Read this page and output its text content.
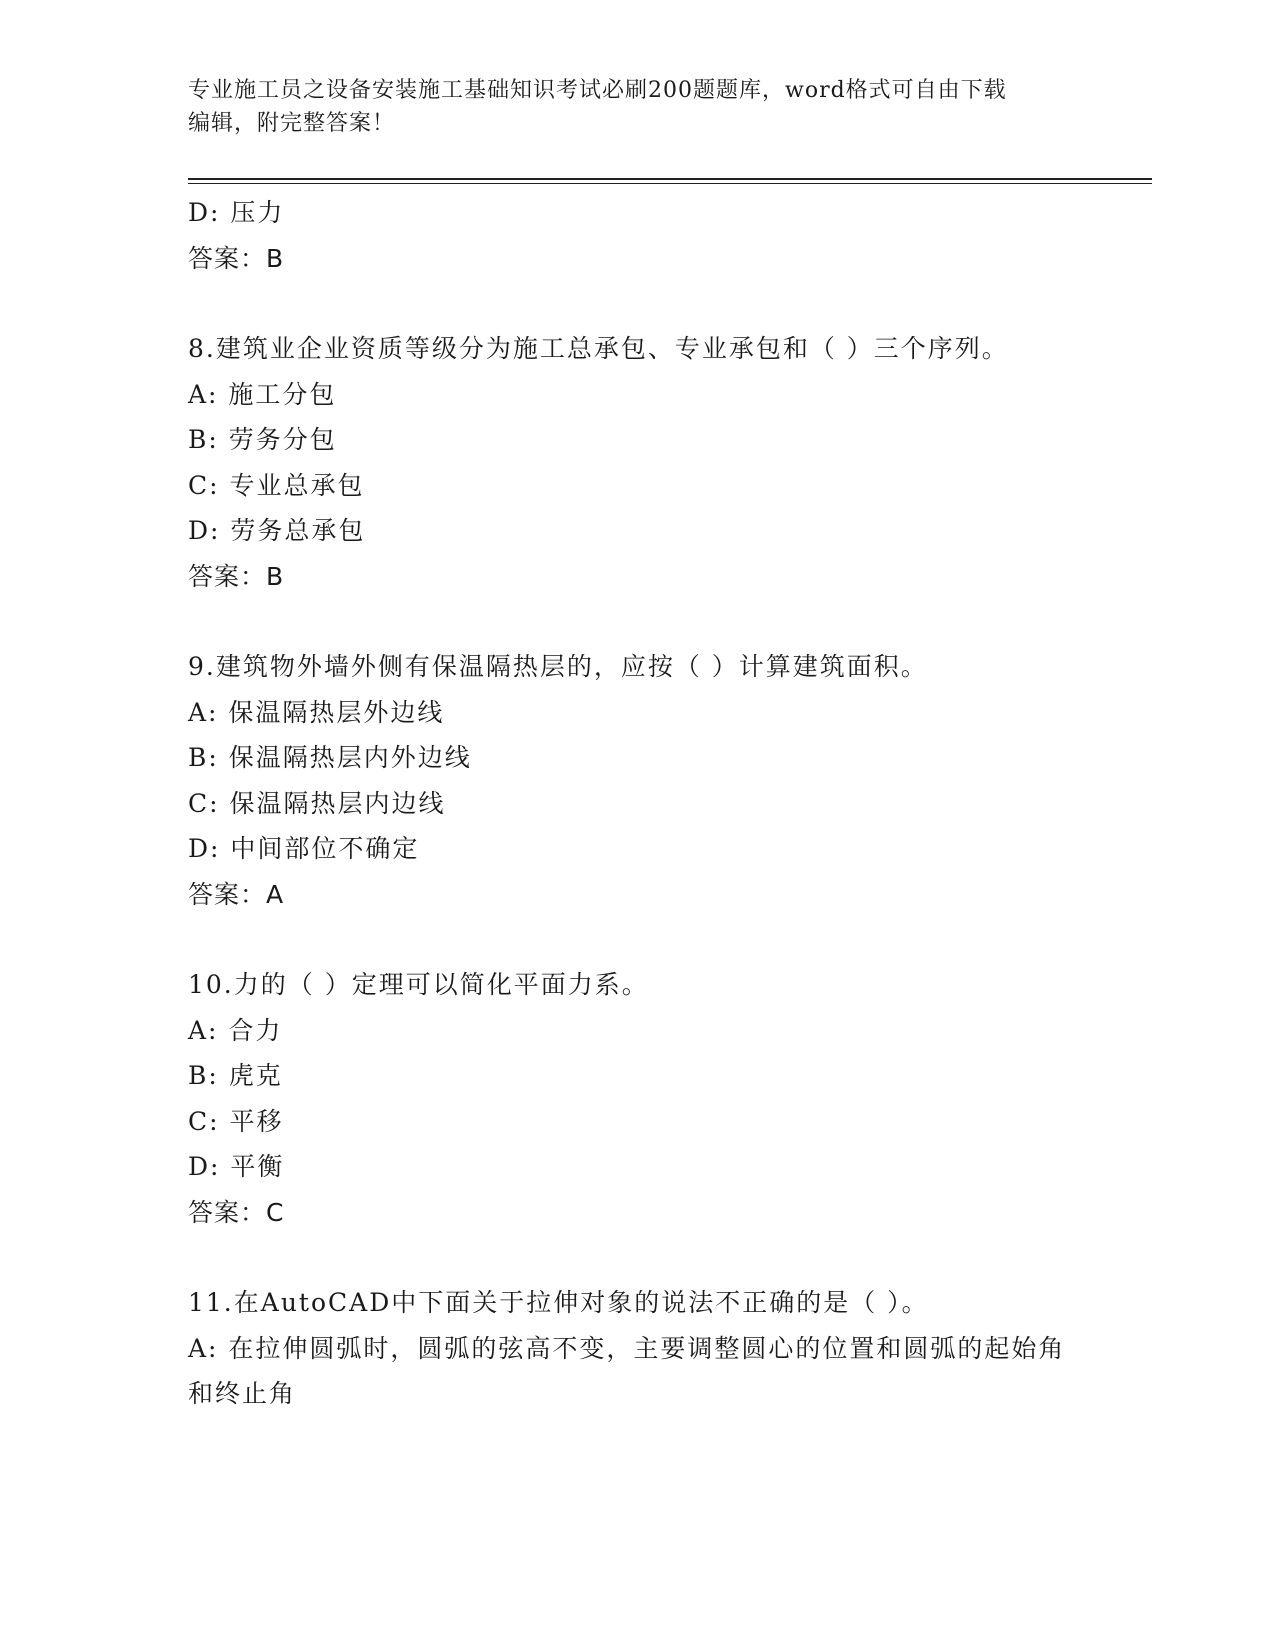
专业施工员之设备安装施工基础知识考试必刷200题题库，word格式可自由下载
编辑，附完整答案！
D: 压力
答案：B
8.建筑业企业资质等级分为施工总承包、专业承包和（ ）三个序列。
A: 施工分包
B: 劳务分包
C: 专业总承包
D: 劳务总承包
答案：B
9.建筑物外墙外侧有保温隔热层的，应按（ ）计算建筑面积。
A: 保温隔热层外边线
B: 保温隔热层内外边线
C: 保温隔热层内边线
D: 中间部位不确定
答案：A
10.力的（ ）定理可以简化平面力系。
A: 合力
B: 虎克
C: 平移
D: 平衡
答案：C
11.在AutoCAD中下面关于拉伸对象的说法不正确的是（ ）。
A: 在拉伸圆弧时，圆弧的弦高不变，主要调整圆心的位置和圆弧的起始角和终止角
